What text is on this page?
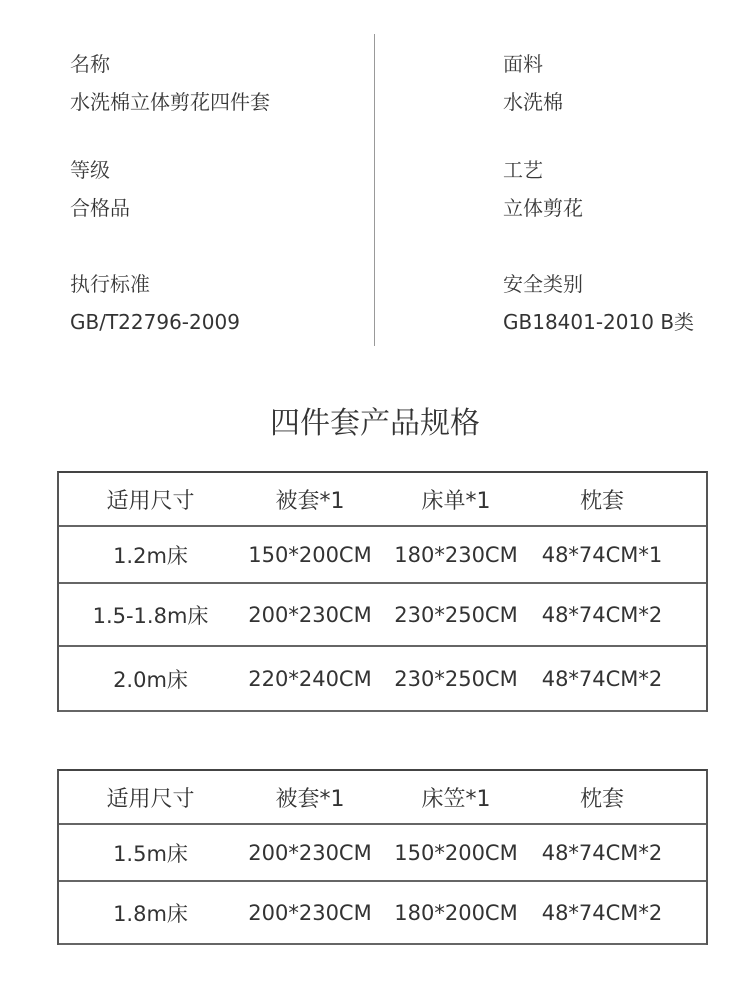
名称
水洗棉立体剪花四件套
面料
水洗棉
等级
合格品
工艺
立体剪花
执行标准
GB/T22796-2009
安全类别
GB18401-2010 B类
四件套产品规格
适用尺寸	被套*1	床单*1	枕套
1.2m床	150*200CM	180*230CM	48*74CM*1
1.5-1.8m床	200*230CM	230*250CM	48*74CM*2
2.0m床	220*240CM	230*250CM	48*74CM*2
适用尺寸	被套*1	床笠*1	枕套
1.5m床	200*230CM	150*200CM	48*74CM*2
1.8m床	200*230CM	180*200CM	48*74CM*2
